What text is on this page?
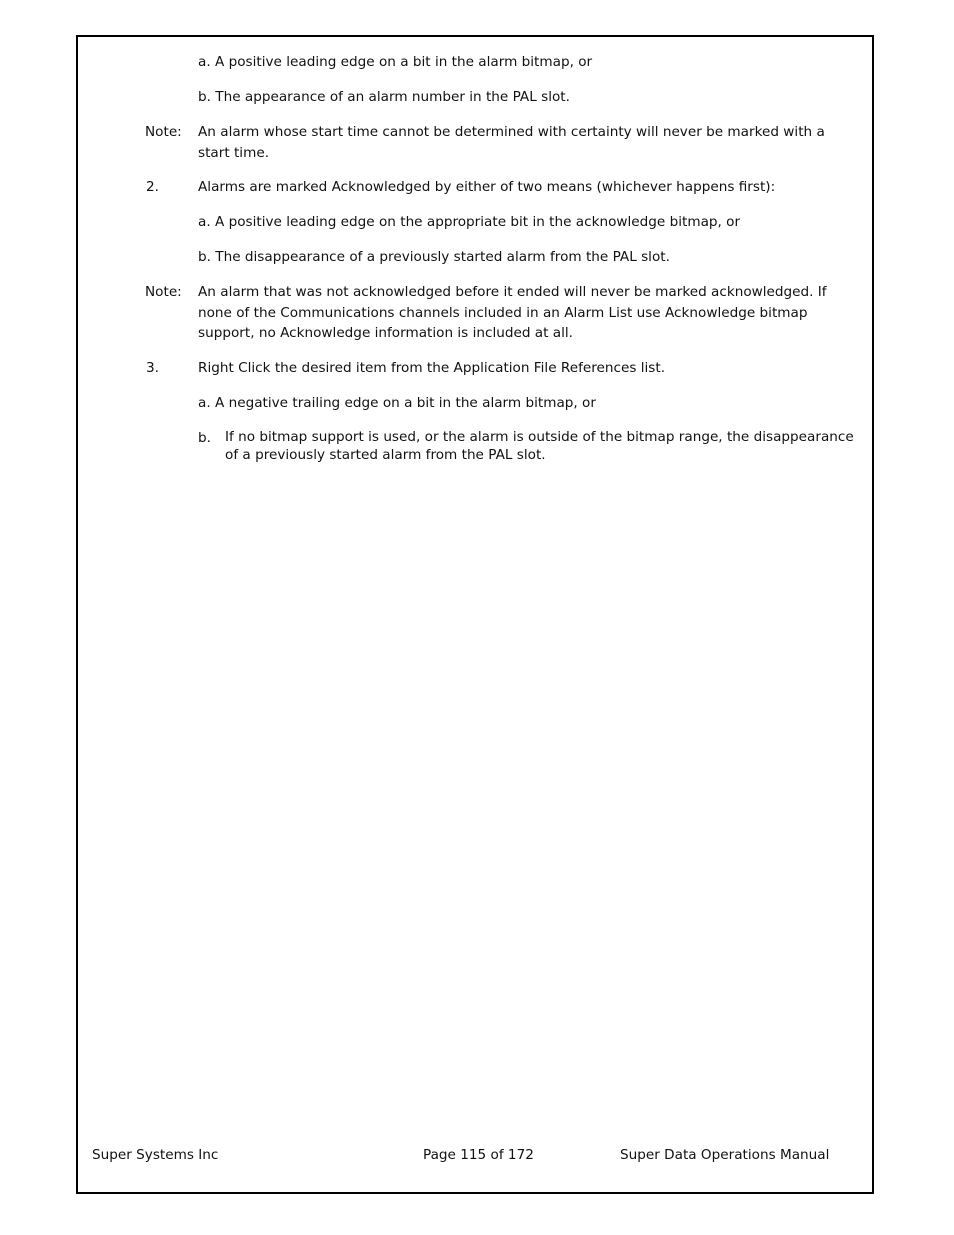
a. A positive leading edge on a bit in the alarm bitmap, or
b. The appearance of an alarm number in the PAL slot.
Note: An alarm whose start time cannot be determined with certainty will never be marked with a start time.
2.	Alarms are marked Acknowledged by either of two means (whichever happens first):
a. A positive leading edge on the appropriate bit in the acknowledge bitmap, or
b. The disappearance of a previously started alarm from the PAL slot.
Note: An alarm that was not acknowledged before it ended will never be marked acknowledged. If none of the Communications channels included in an Alarm List use Acknowledge bitmap support, no Acknowledge information is included at all.
3.	Right Click the desired item from the Application File References list.
a. A negative trailing edge on a bit in the alarm bitmap, or
b. If no bitmap support is used, or the alarm is outside of the bitmap range, the disappearance of a previously started alarm from the PAL slot.
Super Systems Inc	Page 115 of 172	Super Data Operations Manual
